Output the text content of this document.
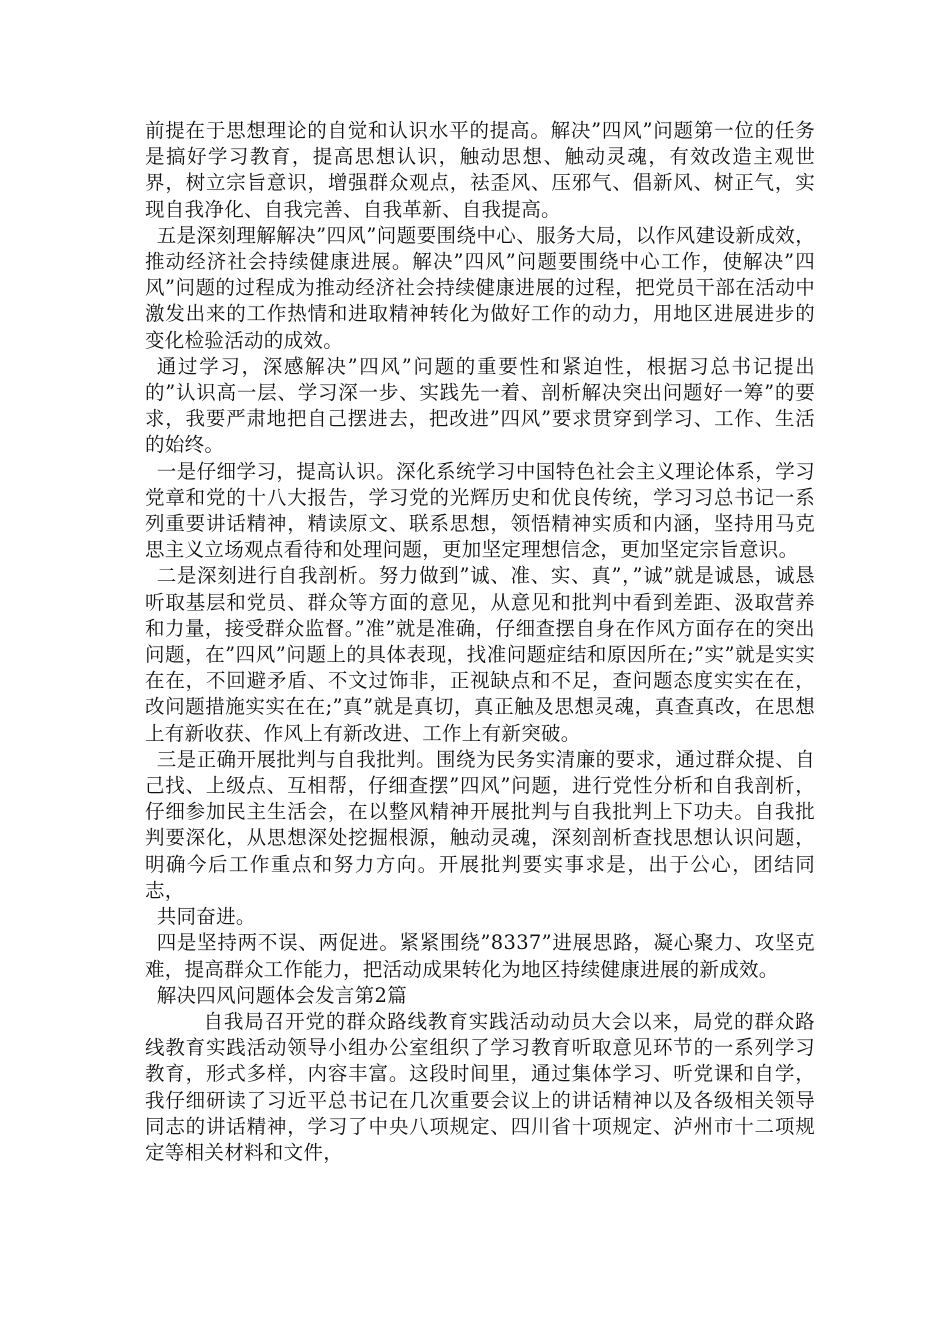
前提在于思想理论的自觉和认识水平的提高。解决”四风”问题第一位的任务是搞好学习教育，提高思想认识，触动思想、触动灵魂，有效改造主观世界，树立宗旨意识，增强群众观点，祛歪风、压邪气、倡新风、树正气，实现自我净化、自我完善、自我革新、自我提高。

五是深刻理解解决”四风”问题要围绕中心、服务大局，以作风建设新成效，推动经济社会持续健康进展。解决”四风”问题要围绕中心工作，使解决”四风”问题的过程成为推动经济社会持续健康进展的过程，把党员干部在活动中激发出来的工作热情和进取精神转化为做好工作的动力，用地区进展进步的变化检验活动的成效。

通过学习，深感解决”四风”问题的重要性和紧迫性，根据习总书记提出的”认识高一层、学习深一步、实践先一着、剖析解决突出问题好一筹”的要求，我要严肃地把自己摆进去，把改进”四风”要求贯穿到学习、工作、生活的始终。

一是仔细学习，提高认识。深化系统学习中国特色社会主义理论体系，学习党章和党的十八大报告，学习党的光辉历史和优良传统，学习习总书记一系列重要讲话精神，精读原文、联系思想，领悟精神实质和内涵，坚持用马克思主义立场观点看待和处理问题，更加坚定理想信念，更加坚定宗旨意识。

二是深刻进行自我剖析。努力做到”诚、准、实、真”，”诚”就是诚恳，诚恳听取基层和党员、群众等方面的意见，从意见和批判中看到差距、汲取营养和力量，接受群众监督。”准”就是准确，仔细查摆自身在作风方面存在的突出问题，在”四风”问题上的具体表现，找准问题症结和原因所在;”实”就是实实在在，不回避矛盾、不文过饰非，正视缺点和不足，查问题态度实实在在，改问题措施实实在在;”真”就是真切，真正触及思想灵魂，真查真改，在思想上有新收获、作风上有新改进、工作上有新突破。

三是正确开展批判与自我批判。围绕为民务实清廉的要求，通过群众提、自己找、上级点、互相帮，仔细查摆”四风”问题，进行党性分析和自我剖析，仔细参加民主生活会，在以整风精神开展批判与自我批判上下功夫。自我批判要深化，从思想深处挖掘根源，触动灵魂，深刻剖析查找思想认识问题，明确今后工作重点和努力方向。开展批判要实事求是，出于公心，团结同志，

共同奋进。

四是坚持两不误、两促进。紧紧围绕”8337”进展思路，凝心聚力、攻坚克难，提高群众工作能力，把活动成果转化为地区持续健康进展的新成效。

解决四风问题体会发言第2篇

自我局召开党的群众路线教育实践活动动员大会以来，局党的群众路线教育实践活动领导小组办公室组织了学习教育听取意见环节的一系列学习教育，形式多样，内容丰富。这段时间里，通过集体学习、听党课和自学，我仔细研读了习近平总书记在几次重要会议上的讲话精神以及各级相关领导同志的讲话精神，学习了中央八项规定、四川省十项规定、泸州市十二项规定等相关材料和文件，
